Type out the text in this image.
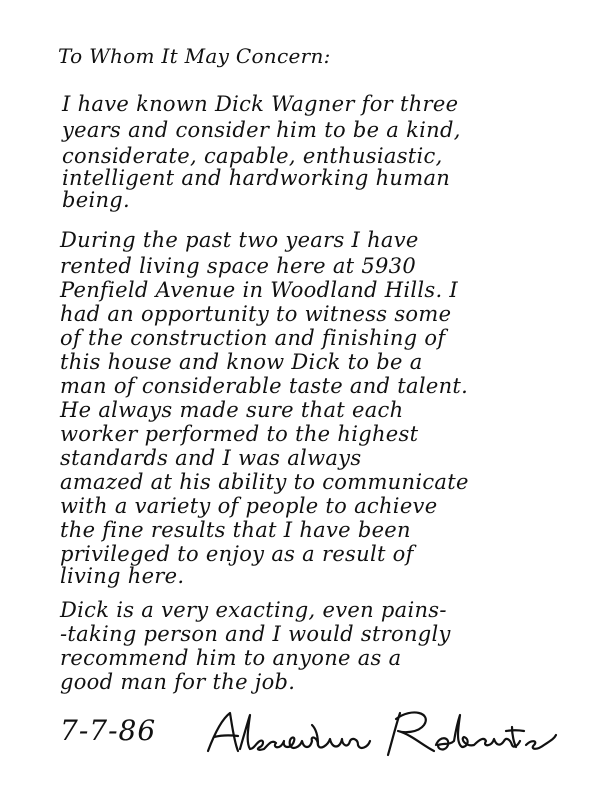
To Whom It May Concern:
I have known Dick Wagner for three
years and consider him to be a kind,
considerate, capable, enthusiastic,
intelligent and hardworking human
being.
During the past two years I have
rented living space here at 5930
Penfield Avenue in Woodland Hills. I
had an opportunity to witness some
of the construction and finishing of
this house and know Dick to be a
man of considerable taste and talent.
He always made sure that each
worker performed to the highest
standards and I was always
amazed at his ability to communicate
with a variety of people to achieve
the fine results that I have been
privileged to enjoy as a result of
living here.
Dick is a very exacting, even pains-
-taking person and I would strongly
recommend him to anyone as a
good man for the job.
7-7-86
